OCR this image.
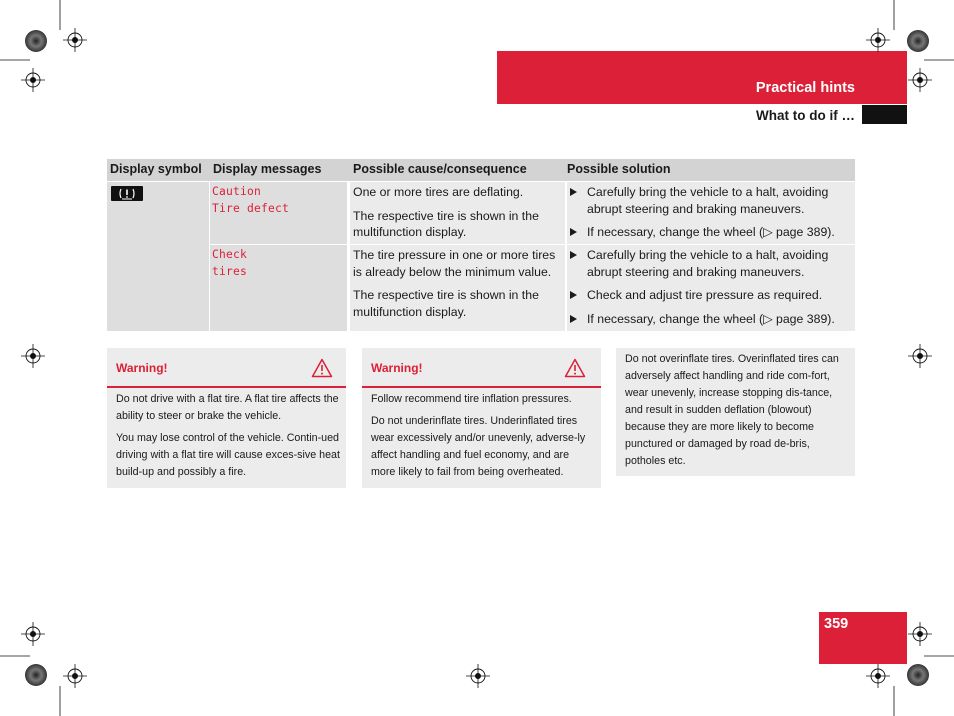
Practical hints
What to do if …
Display symbol Display messages	Possible cause/consequence	Possible solution
Caution
Tire defect

One or more tires are deflating.

The respective tire is shown in the multifunction display.

Carefully bring the vehicle to a halt, avoiding abrupt steering and braking maneuvers.
If necessary, change the wheel (▷ page 389).
Check
tires

The tire pressure in one or more tires is already below the minimum value.

The respective tire is shown in the multifunction display.

Carefully bring the vehicle to a halt, avoiding abrupt steering and braking maneuvers.
Check and adjust tire pressure as required.
If necessary, change the wheel (▷ page 389).
Warning!

Do not drive with a flat tire. A flat tire affects the ability to steer or brake the vehicle.

You may lose control of the vehicle. Contin-ued driving with a flat tire will cause exces-sive heat build-up and possibly a fire.

Warning!

Follow recommend tire inflation pressures.

Do not underinflate tires. Underinflated tires wear excessively and/or unevenly, adverse-ly affect handling and fuel economy, and are more likely to fail from being overheated.

Do not overinflate tires. Overinflated tires can adversely affect handling and ride com-fort, wear unevenly, increase stopping dis-tance, and result in sudden deflation (blowout) because they are more likely to become punctured or damaged by road de-bris, potholes etc.

359
